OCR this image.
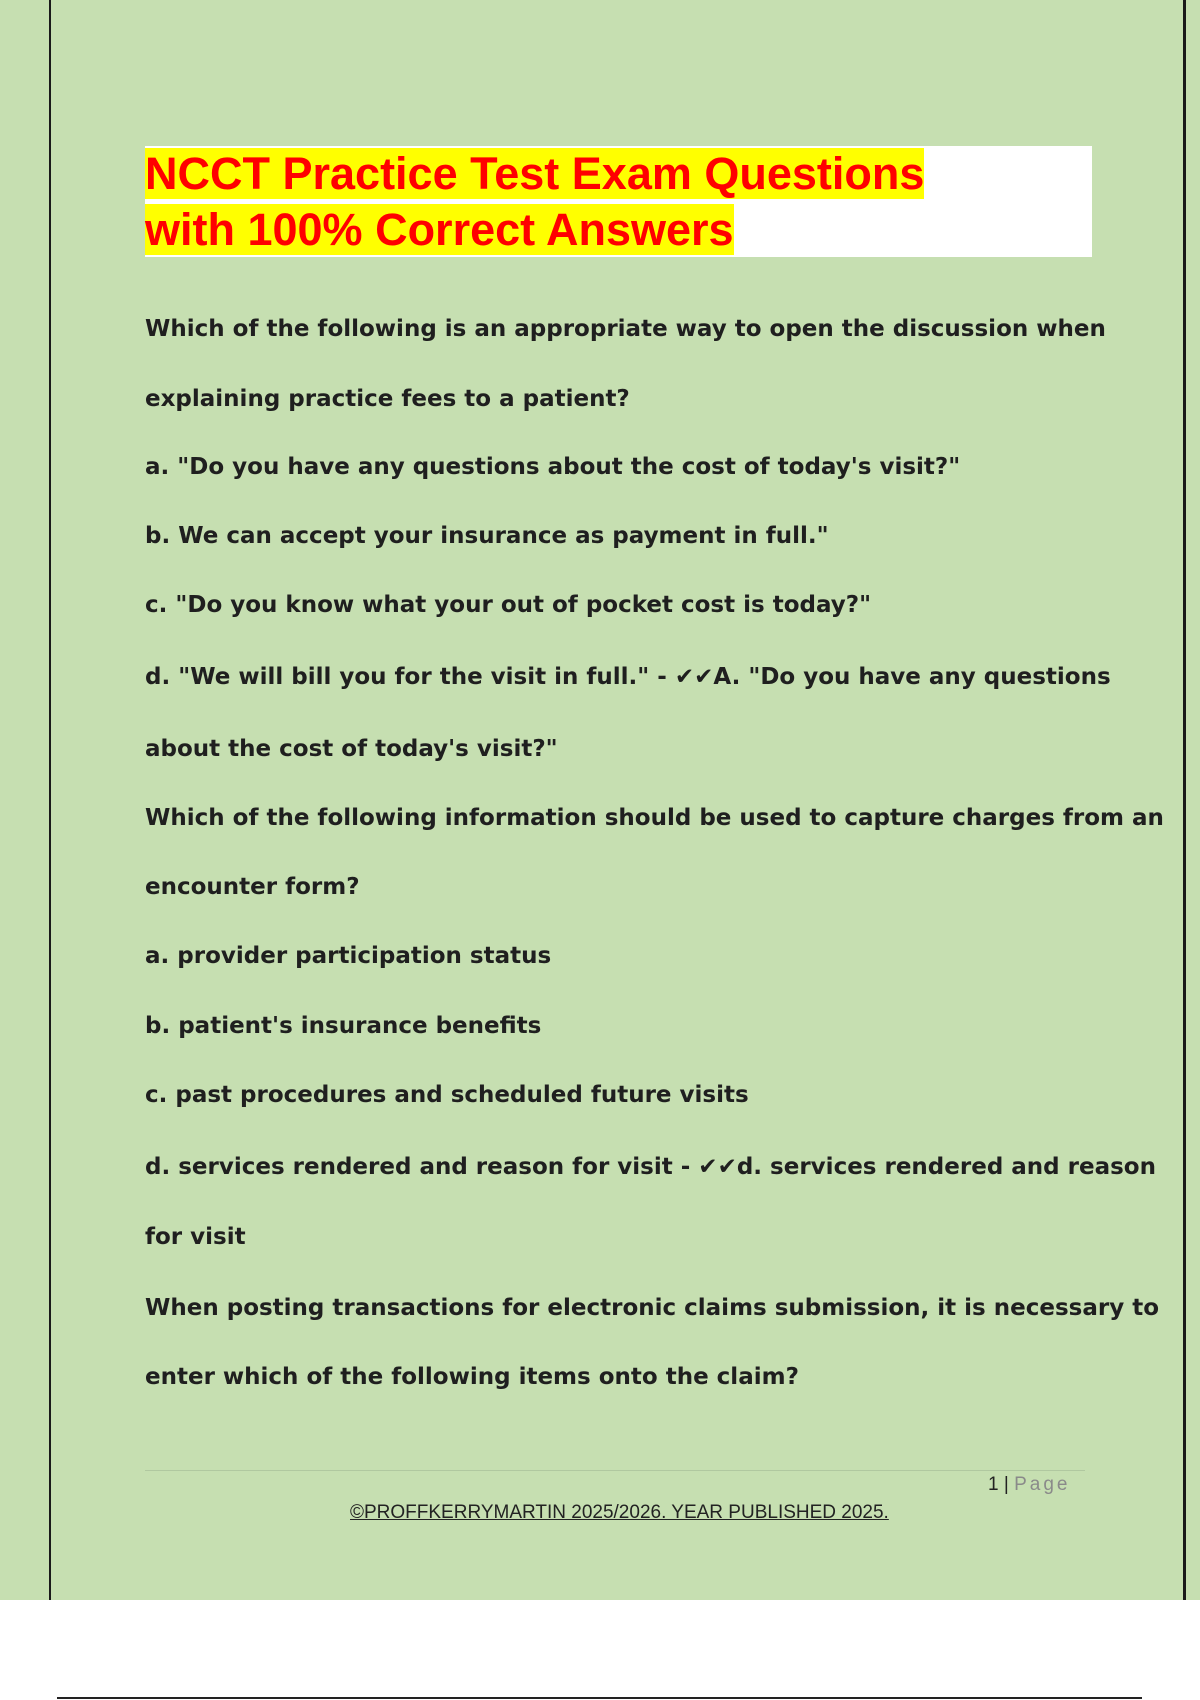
NCCT Practice Test Exam Questions
with 100% Correct Answers
Which of the following is an appropriate way to open the discussion when
explaining practice fees to a patient?
a. "Do you have any questions about the cost of today's visit?"
b. We can accept your insurance as payment in full."
c. "Do you know what your out of pocket cost is today?"
d. "We will bill you for the visit in full." - ✔✔A. "Do you have any questions
about the cost of today's visit?"
Which of the following information should be used to capture charges from an
encounter form?
a. provider participation status
b. patient's insurance benefits
c. past procedures and scheduled future visits
d. services rendered and reason for visit - ✔✔d. services rendered and reason
for visit
When posting transactions for electronic claims submission, it is necessary to
enter which of the following items onto the claim?
1 | Page
©PROFFKERRYMARTIN 2025/2026. YEAR PUBLISHED 2025.
